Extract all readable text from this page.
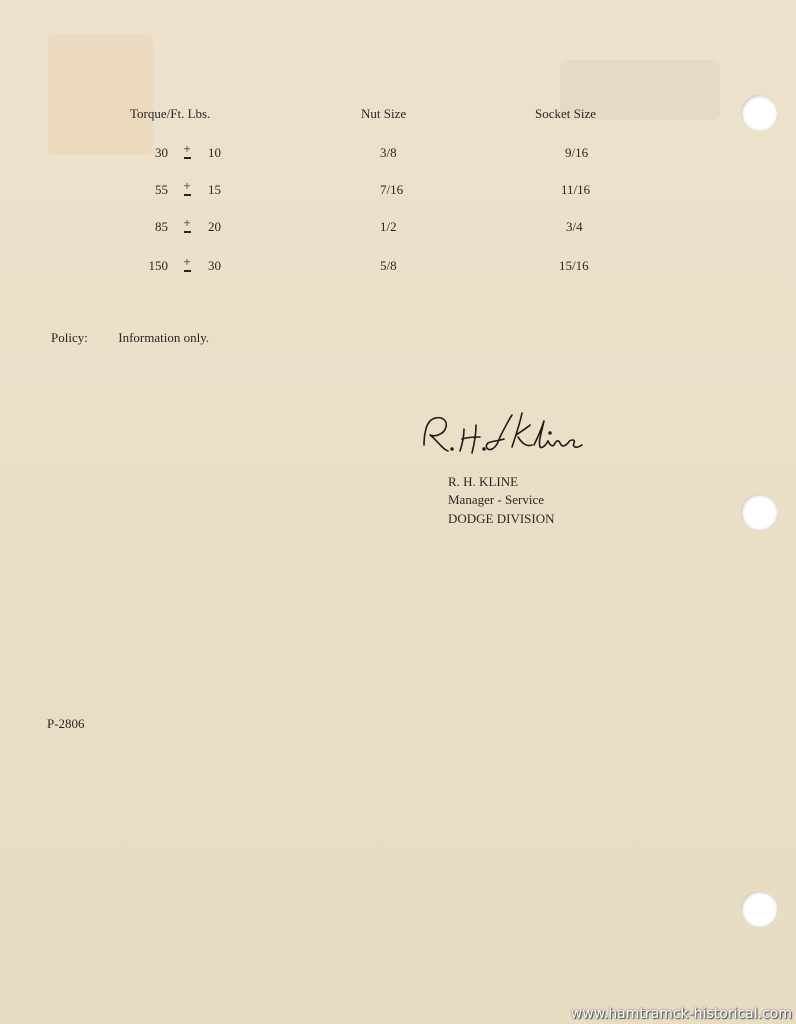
Torque/Ft. Lbs.	Nut Size	Socket Size
30 + 10	3/8	9/16
55 + 15	7/16	11/16
85 + 20	1/2	3/4
150 + 30	5/8	15/16
Policy: Information only.
R. H. KLINE
Manager - Service
DODGE DIVISION
P-2806
www.hamtramck-historical.com
